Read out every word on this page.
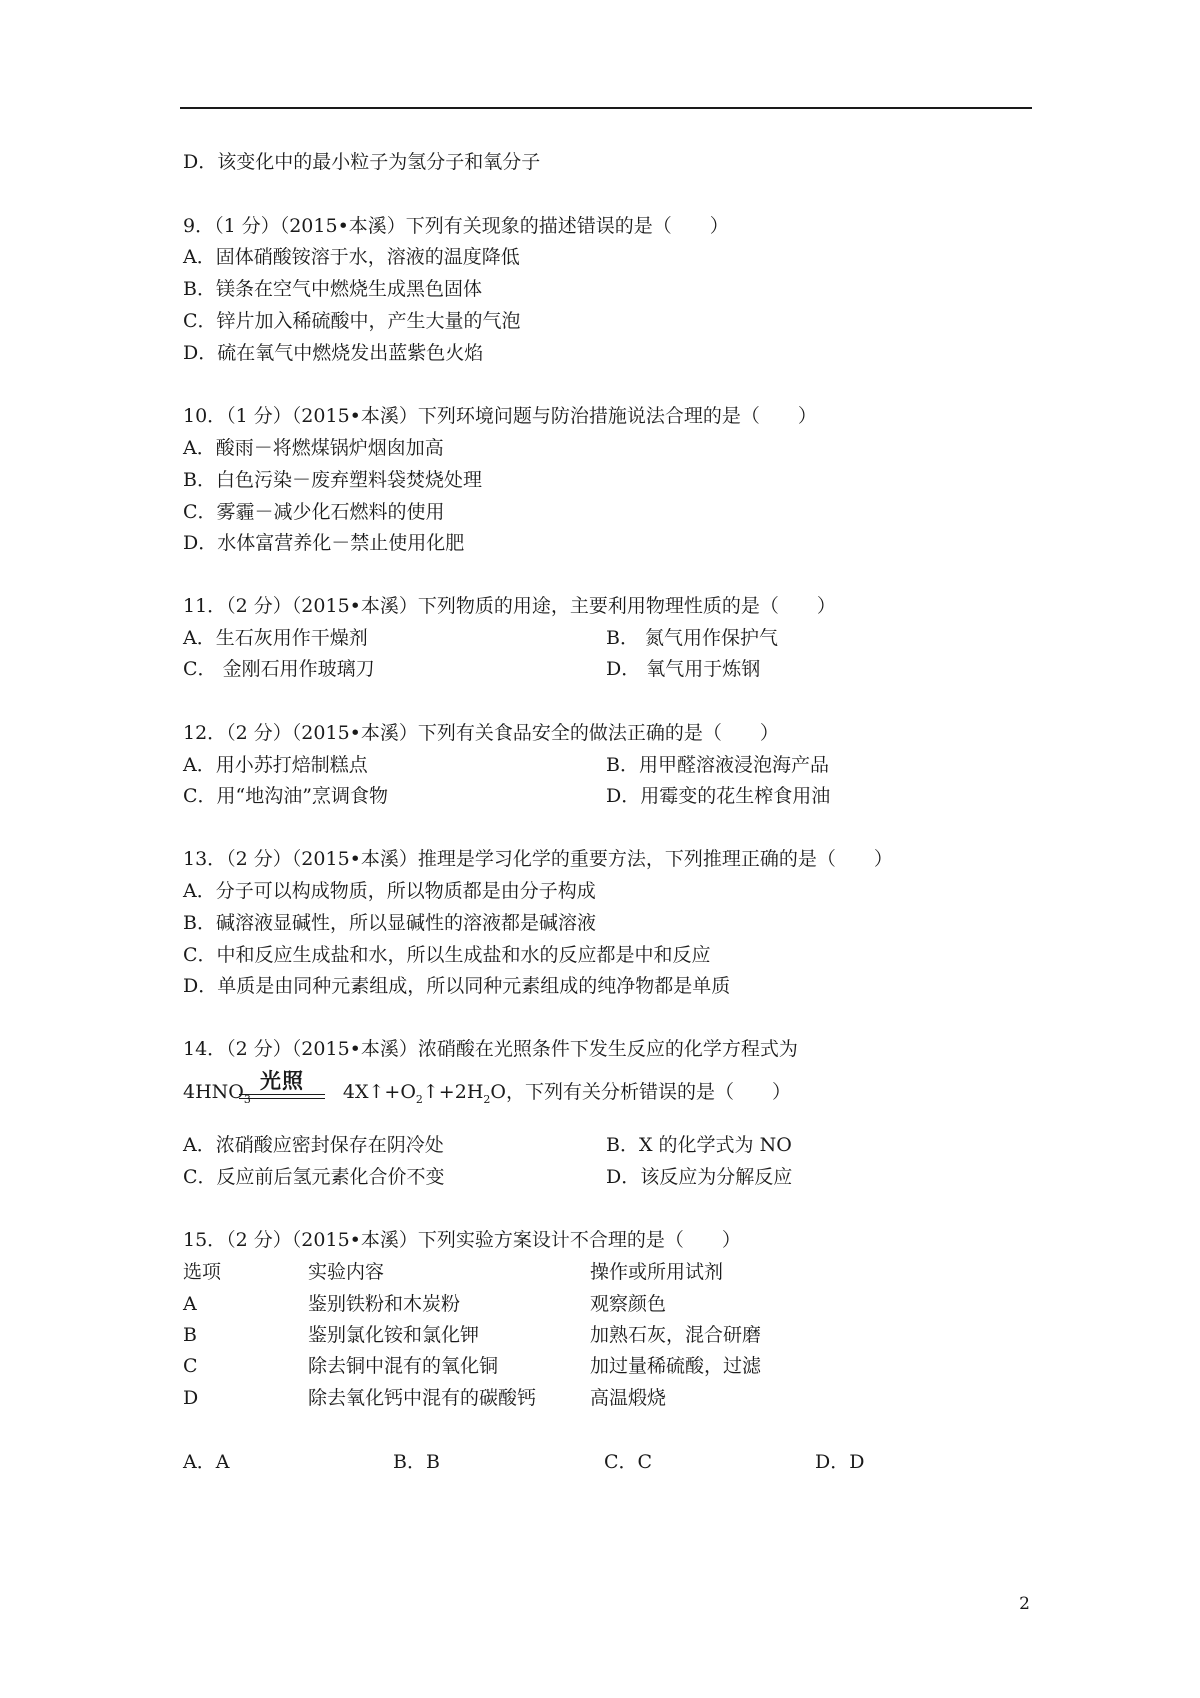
D．该变化中的最小粒子为氢分子和氧分子
9．（1 分）（2015•本溪）下列有关现象的描述错误的是（　　）
A．固体硝酸铵溶于水，溶液的温度降低
B．镁条在空气中燃烧生成黑色固体
C．锌片加入稀硫酸中，产生大量的气泡
D．硫在氧气中燃烧发出蓝紫色火焰
10．（1 分）（2015•本溪）下列环境问题与防治措施说法合理的是（　　）
A．酸雨－将燃煤锅炉烟囱加高
B．白色污染－废弃塑料袋焚烧处理
C．雾霾－减少化石燃料的使用
D．水体富营养化－禁止使用化肥
11．（2 分）（2015•本溪）下列物质的用途，主要利用物理性质的是（　　）
A．生石灰用作干燥剂	B． 氮气用作保护气
C． 金刚石用作玻璃刀	D． 氧气用于炼钢
12．（2 分）（2015•本溪）下列有关食品安全的做法正确的是（　　）
A．用小苏打焙制糕点	B．用甲醛溶液浸泡海产品
C．用“地沟油”烹调食物	D．用霉变的花生榨食用油
13．（2 分）（2015•本溪）推理是学习化学的重要方法，下列推理正确的是（　　）
A．分子可以构成物质，所以物质都是由分子构成
B．碱溶液显碱性，所以显碱性的溶液都是碱溶液
C．中和反应生成盐和水，所以生成盐和水的反应都是中和反应
D．单质是由同种元素组成，所以同种元素组成的纯净物都是单质
14．（2 分）（2015•本溪）浓硝酸在光照条件下发生反应的化学方程式为
光照
$4HNO_3$	$4X↑+O_2↑+2H_2O$，下列有关分析错误的是（　　）
A．浓硝酸应密封保存在阴冷处	B．X 的化学式为 NO
C．反应前后氢元素化合价不变	D．该反应为分解反应
15．（2 分）（2015•本溪）下列实验方案设计不合理的是（　　）
选项	实验内容	操作或所用试剂
A	鉴别铁粉和木炭粉	观察颜色
B	鉴别氯化铵和氯化钾	加熟石灰，混合研磨
C	除去铜中混有的氧化铜	加过量稀硫酸，过滤
D	除去氧化钙中混有的碳酸钙	高温煅烧
A．A	B．B	C．C	D．D
2
